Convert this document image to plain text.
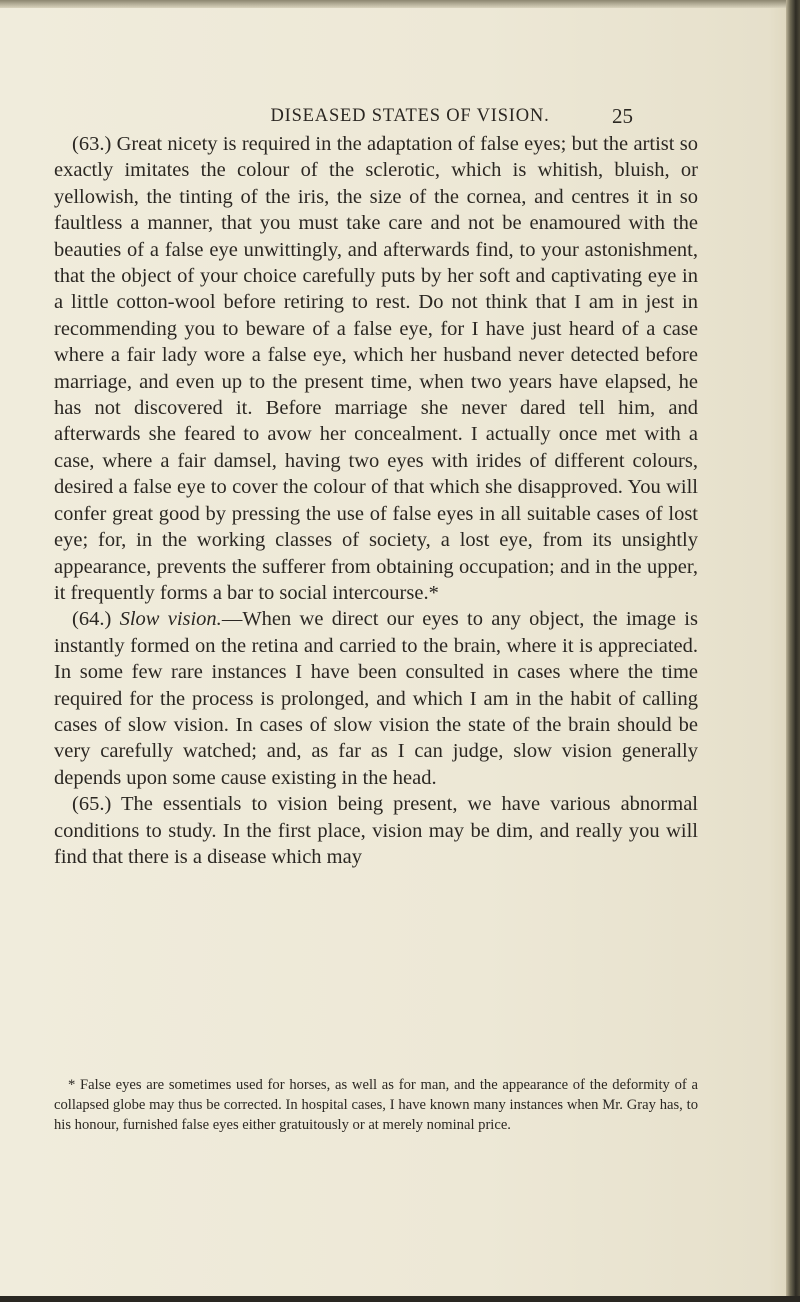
DISEASED STATES OF VISION.	25

(63.) Great nicety is required in the adaptation of false eyes; but the artist so exactly imitates the colour of the sclerotic, which is whitish, bluish, or yellowish, the tinting of the iris, the size of the cornea, and centres it in so faultless a manner, that you must take care and not be enamoured with the beauties of a false eye unwittingly, and afterwards find, to your astonishment, that the object of your choice carefully puts by her soft and captivating eye in a little cotton-wool before retiring to rest. Do not think that I am in jest in recommending you to beware of a false eye, for I have just heard of a case where a fair lady wore a false eye, which her husband never detected before marriage, and even up to the present time, when two years have elapsed, he has not discovered it. Before marriage she never dared tell him, and afterwards she feared to avow her concealment. I actually once met with a case, where a fair damsel, having two eyes with irides of different colours, desired a false eye to cover the colour of that which she disapproved. You will confer great good by pressing the use of false eyes in all suitable cases of lost eye; for, in the working classes of society, a lost eye, from its unsightly appearance, prevents the sufferer from obtaining occupation; and in the upper, it frequently forms a bar to social intercourse.*

(64.) Slow vision.—When we direct our eyes to any object, the image is instantly formed on the retina and carried to the brain, where it is appreciated. In some few rare instances I have been consulted in cases where the time required for the process is prolonged, and which I am in the habit of calling cases of slow vision. In cases of slow vision the state of the brain should be very carefully watched; and, as far as I can judge, slow vision generally depends upon some cause existing in the head.

(65.) The essentials to vision being present, we have various abnormal conditions to study. In the first place, vision may be dim, and really you will find that there is a disease which may

* False eyes are sometimes used for horses, as well as for man, and the appearance of the deformity of a collapsed globe may thus be corrected. In hospital cases, I have known many instances when Mr. Gray has, to his honour, furnished false eyes either gratuitously or at merely nominal price.
